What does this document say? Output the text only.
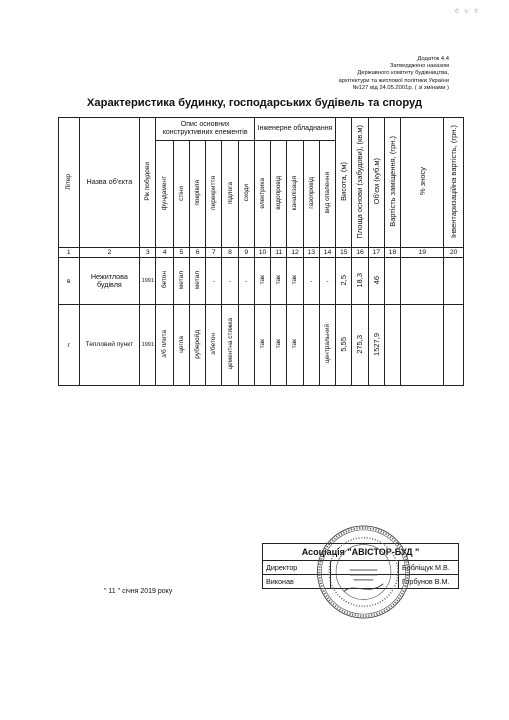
ё ь ё
Додаток 4.4
Затверджено наказом
Державного комітету будівництва,
архітектури та житлової політики України
№127 від 24.05.2001р. ( зі змінами )
Характеристика будинку, господарських будівель та споруд
Літер	Назва об'єкта	Рік побудови	Опис основних конструктивних елементів						Інженерне обладнання					Висота, (м)	Площа основи (забудови), (кв.м)	Об'єм (куб.м)	Вартість заміщення, (грн.)	% зносу	Інвентаризаційна вартість, (грн.)
			фундамент	стіни	покрівля	перекриття	підлога	сходи	електрика	водопровід	каналізація	газопровід	вид опалення						
1	2	3	4	5	6	7	8	9	10	11	12	13	14	15	16	17	18	19	20
в	Нежитлова будівля	1991	бетон	метал	метал	-	-	-	так	так	так	-	-	2,5	18,3	46			
г	Тепловий пункт	1991	з/б плита	цегла	руберойд	з/бетон	цементна стяжка		так	так	так		центральний	5,55	275,3	1527,9			
Асоціація "АВІСТОР-БУД "		
Директор		Бобліщук М.В.
Виконав		Горбунов В.М.
" 11 " січня 2019 року
